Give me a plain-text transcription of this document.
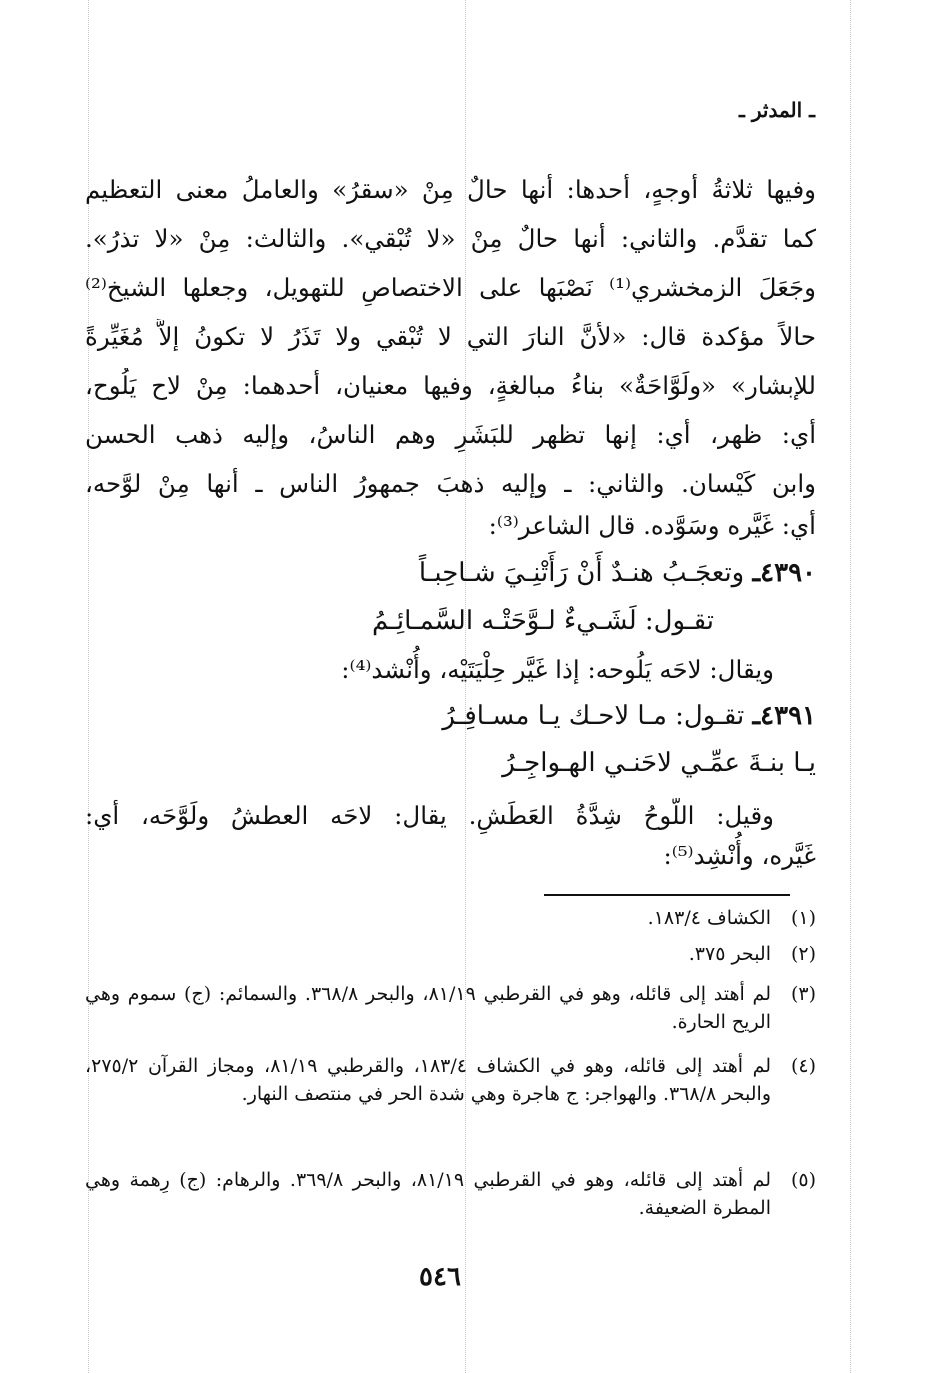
ـ المدثر ـ
وفيها ثلاثةُ أوجهٍ، أحدها: أنها حالٌ مِنْ «سقرُ» والعاملُ معنى التعظيم
كما تقدَّم. والثاني: أنها حالٌ مِنْ «لا تُبْقي». والثالث: مِنْ «لا تذرُ».
وجَعَلَ الزمخشري⁽¹⁾ نَصْبَها على الاختصاصِ للتهويل، وجعلها الشيخ⁽²⁾
حالاً مؤكدة قال: «لأنَّ النارَ التي لا تُبْقي ولا تَذَرُ لا تكونُ إلاَّ مُغَيِّرةً
للإبشار» «ولَوَّاحَةٌ» بناءُ مبالغةٍ، وفيها معنيان، أحدهما: مِنْ لاح يَلُوح،
أي: ظهر، أي: إنها تظهر للبَشَرِ وهم الناسُ، وإليه ذهب الحسن
وابن كَيْسان. والثاني: ـ وإليه ذهبَ جمهورُ الناس ـ أنها مِنْ لوَّحه،
أي: غَيَّره وسَوَّده. قال الشاعر⁽³⁾:
٤٣٩٠ـ وتعجَـبُ هنـدٌ أَنْ رَأَتْنِـيَ شـاحِبـاً
تقـول: لَشَـيءٌ لـوَّحَتْـه السَّمـائِـمُ
ويقال: لاحَه يَلُوحه: إذا غَيَّر حِلْيَتَيْه، وأُنْشد⁽⁴⁾:
٤٣٩١ـ تقـول: مـا لاحـك يـا مسـافِـرُ
يـا بنـةَ عمِّـي لاحَنـي الهـواجِـرُ
وقيل: اللَّوحُ شِدَّةُ العَطَشِ. يقال: لاحَه العطشُ ولَوَّحَه، أي:
غَيَّره، وأُنْشِد⁽⁵⁾:
(١)
الكشاف ١٨٣/٤.
(٢)
البحر ٣٧٥.
(٣)
لم أهتد إلى قائله، وهو في القرطبي ٨١/١٩، والبحر ٣٦٨/٨. والسمائم: (ج) سموم وهي الريح الحارة.
(٤)
لم أهتد إلى قائله، وهو في الكشاف ١٨٣/٤، والقرطبي ٨١/١٩، ومجاز القرآن ٢٧٥/٢، والبحر ٣٦٨/٨. والهواجر: ج هاجرة وهي شدة الحر في منتصف النهار.
(٥)
لم أهتد إلى قائله، وهو في القرطبي ٨١/١٩، والبحر ٣٦٩/٨. والرهام: (ج) رِهمة وهي المطرة الضعيفة.
٥٤٦
